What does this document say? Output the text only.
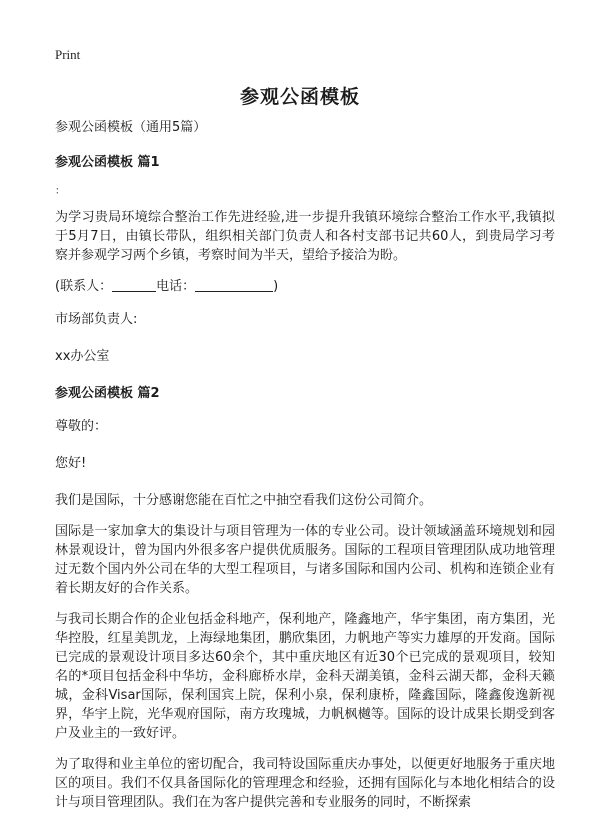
Print
参观公函模板

参观公函模板（通用5篇）

参观公函模板 篇1

：

为学习贵局环境综合整治工作先进经验,进一步提升我镇环境综合整治工作水平,我镇拟于5月7日，由镇长带队，组织相关部门负责人和各村支部书记共60人，到贵局学习考察并参观学习两个乡镇，考察时间为半天，望给予接洽为盼。

(联系人：	电话：	)

市场部负责人:

xx办公室

参观公函模板 篇2

尊敬的：

您好!

我们是国际，十分感谢您能在百忙之中抽空看我们这份公司简介。

国际是一家加拿大的集设计与项目管理为一体的专业公司。设计领域涵盖环境规划和园林景观设计，曾为国内外很多客户提供优质服务。国际的工程项目管理团队成功地管理过无数个国内外公司在华的大型工程项目，与诸多国际和国内公司、机构和连锁企业有着长期友好的合作关系。

与我司长期合作的企业包括金科地产，保利地产，隆鑫地产，华宇集团，南方集团，光华控股，红星美凯龙，上海绿地集团，鹏欣集团，力帆地产等实力雄厚的开发商。国际已完成的景观设计项目多达60余个，其中重庆地区有近30个已完成的景观项目，较知名的*项目包括金科中华坊，金科廊桥水岸，金科天湖美镇，金科云湖天都，金科天籁城，金科Visar国际，保利国宾上院，保利小泉，保利康桥，隆鑫国际，隆鑫俊逸新视界，华宇上院，光华观府国际，南方玫瑰城，力帆枫樾等。国际的设计成果长期受到客户及业主的一致好评。

为了取得和业主单位的密切配合，我司特设国际重庆办事处，以便更好地服务于重庆地区的项目。我们不仅具备国际化的管理理念和经验，还拥有国际化与本地化相结合的设计与项目管理团队。我们在为客户提供完善和专业服务的同时，不断探索
